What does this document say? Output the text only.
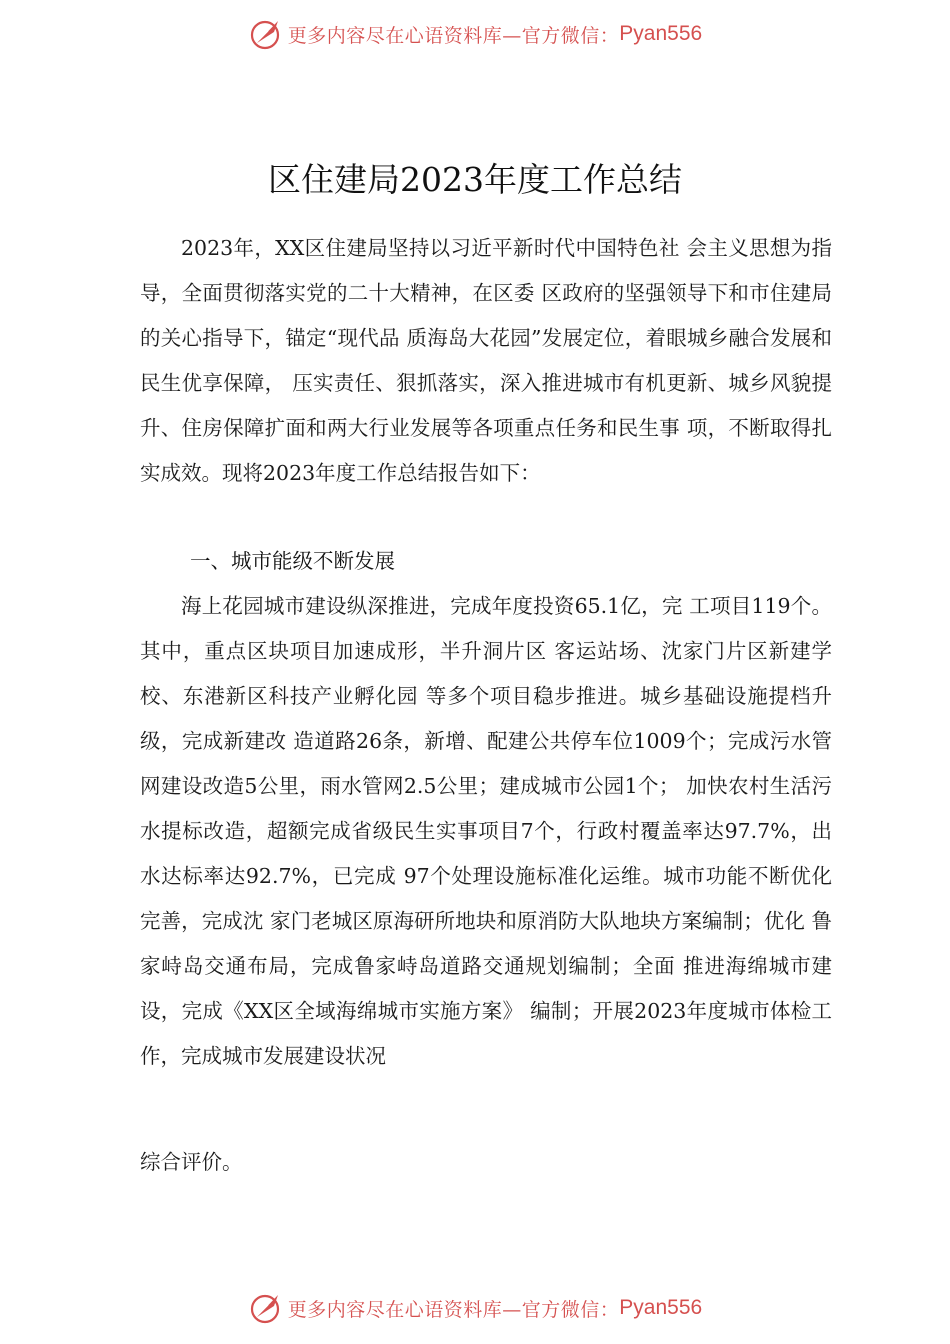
更多内容尽在心语资料库—官方微信： Pyan556
区住建局2023年度工作总结

2023年，XX区住建局坚持以习近平新时代中国特色社 会主义思想为指导，全面贯彻落实党的二十大精神，在区委 区政府的坚强领导下和市住建局的关心指导下，锚定“现代品 质海岛大花园”发展定位，着眼城乡融合发展和民生优享保障， 压实责任、狠抓落实，深入推进城市有机更新、城乡风貌提 升、住房保障扩面和两大行业发展等各项重点任务和民生事 项，不断取得扎实成效。现将2023年度工作总结报告如下：

一、城市能级不断发展

海上花园城市建设纵深推进，完成年度投资65.1亿，完 工项目119个。其中，重点区块项目加速成形，半升洞片区 客运站场、沈家门片区新建学校、东港新区科技产业孵化园 等多个项目稳步推进。城乡基础设施提档升级，完成新建改 造道路26条，新增、配建公共停车位1009个；完成污水管 网建设改造5公里，雨水管网2.5公里；建成城市公园1个； 加快农村生活污水提标改造，超额完成省级民生实事项目7个，行政村覆盖率达97.7%，出水达标率达92.7%，已完成 97个处理设施标准化运维。城市功能不断优化完善，完成沈 家门老城区原海研所地块和原消防大队地块方案编制；优化 鲁家峙岛交通布局，完成鲁家峙岛道路交通规划编制；全面 推进海绵城市建设，完成《XX区全域海绵城市实施方案》 编制；开展2023年度城市体检工作，完成城市发展建设状况

综合评价。

更多内容尽在心语资料库—官方微信： Pyan556
